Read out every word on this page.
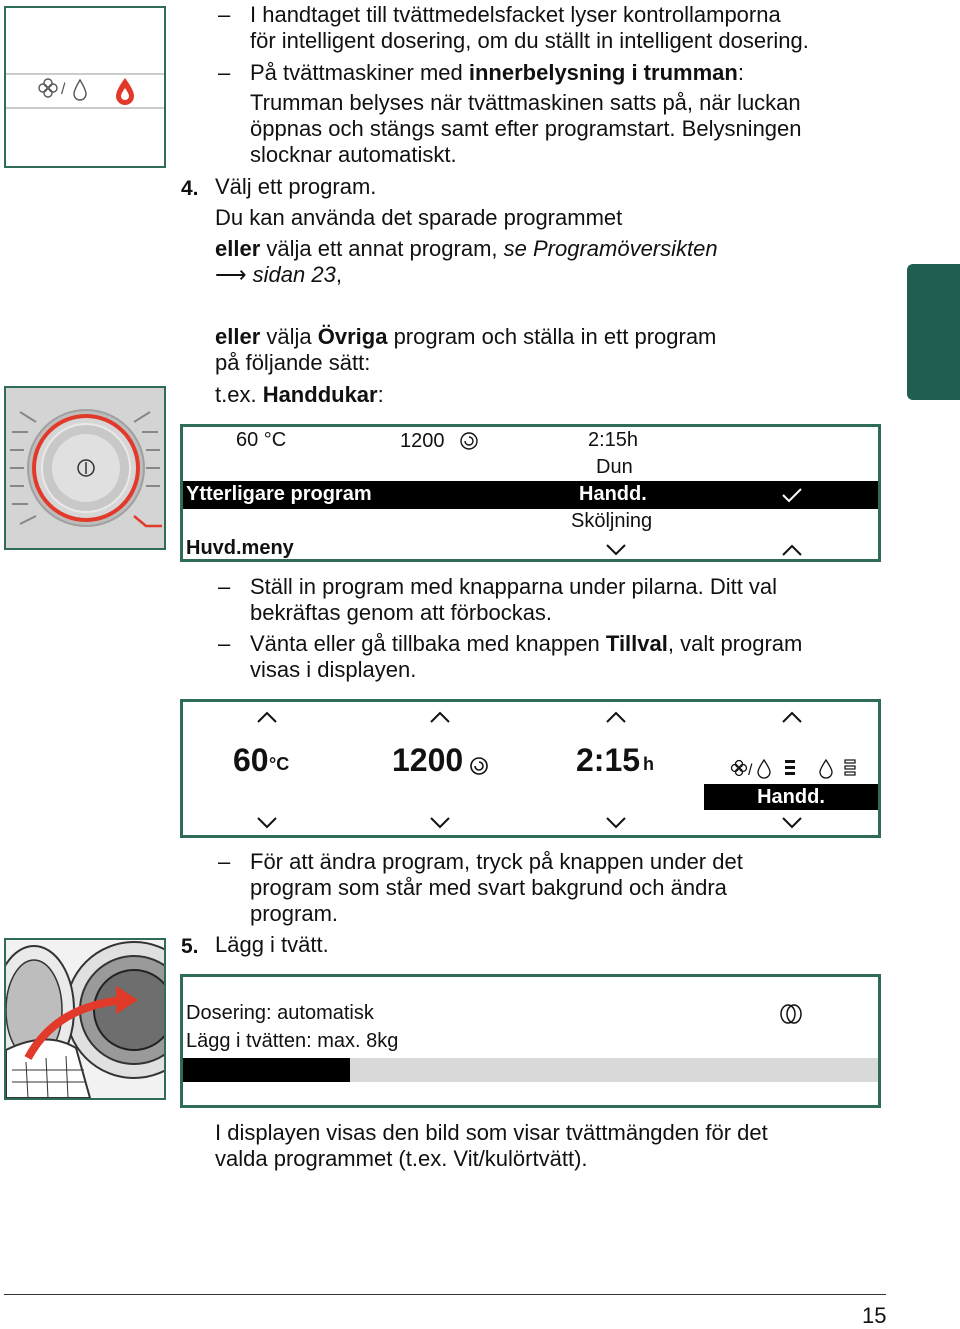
/
– I handtaget till tvättmedelsfacket lyser kontrollamporna
för intelligent dosering, om du ställt in intelligent dosering.
– På tvättmaskiner med innerbelysning i trumman:
Trumman belyses när tvättmaskinen satts på, när luckan
öppnas och stängs samt efter programstart. Belysningen
slocknar automatiskt.
4. Välj ett program.
Du kan använda det sparade programmet
eller välja ett annat program, se Programöversikten
⟶ sidan 23,
eller välja Övriga program och ställa in ett program
på följande sätt:
t.ex. Handdukar:
60 °C	1200	2:15h
Dun
Ytterligare program	Handd.
Sköljning
Huvd.meny
– Ställ in program med knapparna under pilarna. Ditt val
bekräftas genom att förbockas.
– Vänta eller gå tillbaka med knappen Tillval, valt program
visas i displayen.
60 °C	1200	2:15 h	/
Handd.
– För att ändra program, tryck på knappen under det
program som står med svart bakgrund och ändra
program.
5. Lägg i tvätt.
Dosering: automatisk
Lägg i tvätten: max. 8kg
I displayen visas den bild som visar tvättmängden för det
valda programmet (t.ex. Vit/kulörtvätt).
15
